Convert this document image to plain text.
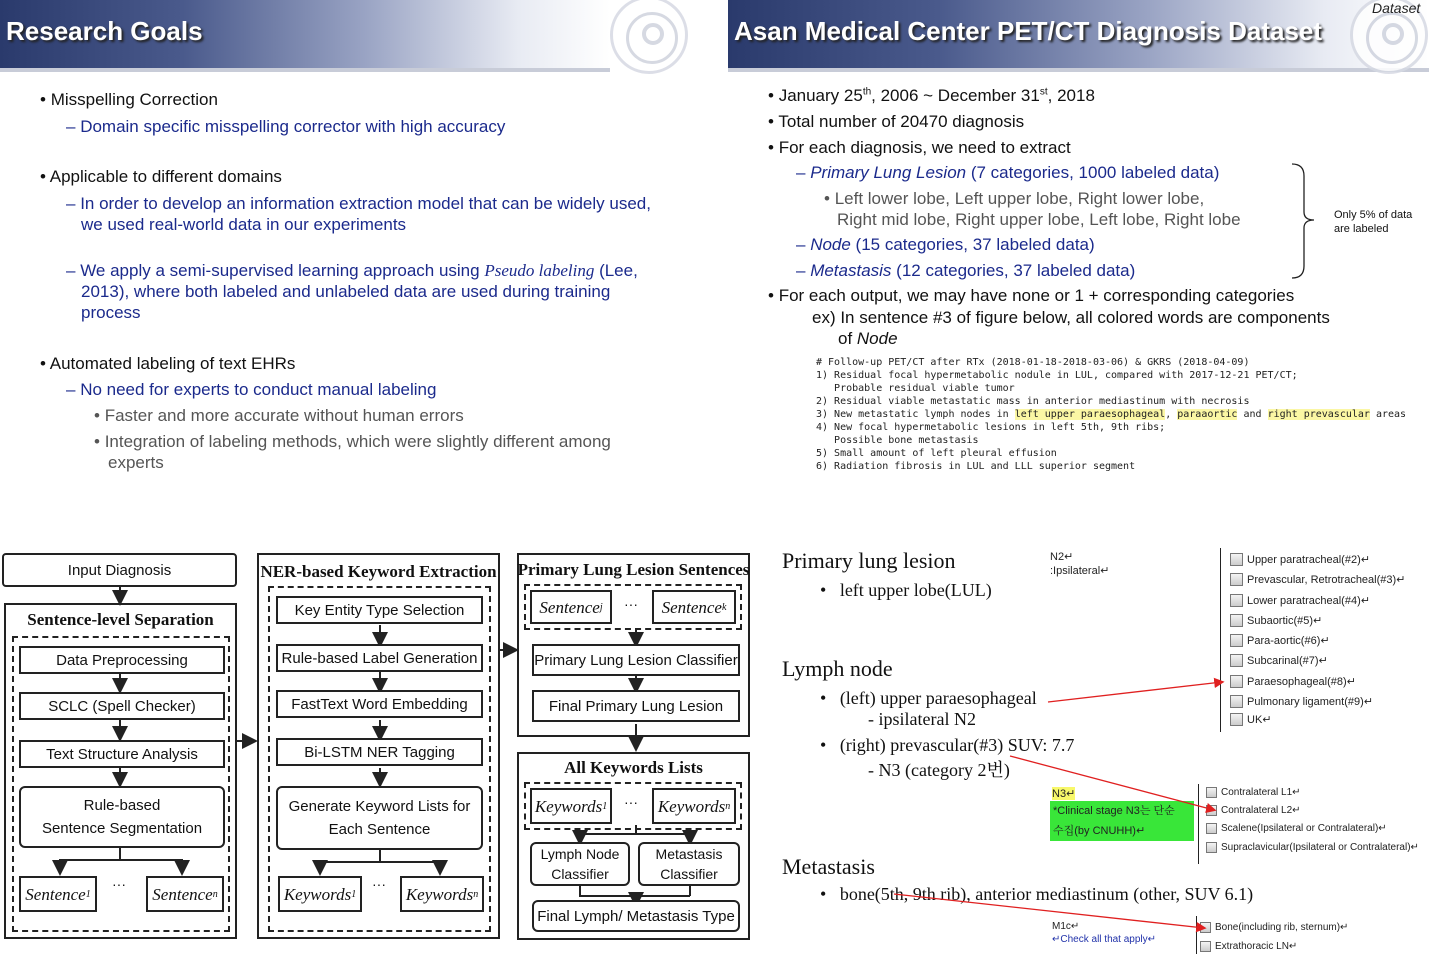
Research Goals
• Misspelling Correction
– Domain specific misspelling corrector with high accuracy
• Applicable to different domains
– In order to develop an information extraction model that can be widely used, we used real-world data in our experiments
– We apply a semi-supervised learning approach using Pseudo labeling (Lee, 2013), where both labeled and unlabeled data are used during training process
• Automated labeling of text EHRs
– No need for experts to conduct manual labeling
• Faster and more accurate without human errors
• Integration of labeling methods, which were slightly different among experts
Asan Medical Center PET/CT Diagnosis Dataset
Dataset
• January 25th, 2006 ~ December 31st, 2018
• Total number of 20470 diagnosis
• For each diagnosis, we need to extract
– Primary Lung Lesion (7 categories, 1000 labeled data)
• Left lower lobe, Left upper lobe, Right lower lobe,
Right mid lobe, Right upper lobe, Left lobe, Right lobe
– Node (15 categories, 37 labeled data)
– Metastasis (12 categories, 37 labeled data)
Only 5% of data
are labeled
• For each output, we may have none or 1 + corresponding categories
ex) In sentence #3 of figure below, all colored words are components
of Node
# Follow-up PET/CT after RTx (2018-01-18-2018-03-06) & GKRS (2018-04-09)
1) Residual focal hypermetabolic nodule in LUL, compared with 2017-12-21 PET/CT;
Probable residual viable tumor
2) Residual viable metastatic mass in anterior mediastinum with necrosis
3) New metastatic lymph nodes in left upper paraesophageal, paraaortic and right prevascular areas
4) New focal hypermetabolic lesions in left 5th, 9th ribs;
Possible bone metastasis
5) Small amount of left pleural effusion
6) Radiation fibrosis in LUL and LLL superior segment
Input Diagnosis
Sentence-level Separation
Data Preprocessing
SCLC (Spell Checker)
Text Structure Analysis
Rule-based
Sentence Segmentation
Sentence 1
···
Sentence n
NER-based Keyword Extraction
Key Entity Type Selection
Rule-based Label Generation
FastText Word Embedding
Bi-LSTM NER Tagging
Generate Keyword Lists for
Each Sentence
Keywords 1
···
Keywords n
Primary Lung Lesion Sentences
Sentence j ··· Sentence k
Primary Lung Lesion Classifier
Final Primary Lung Lesion
All Keywords Lists
Keywords 1 ··· Keywords n
Lymph Node
Classifier
Metastasis
Classifier
Final Lymph/ Metastasis Type
Primary lung lesion
•   left upper lobe(LUL)
Lymph node
•   (left) upper paraesophageal
- ipsilateral N2
•   (right) prevascular(#3) SUV: 7.7
- N3 (category 2번)
Metastasis
•   bone(5th, 9th rib), anterior mediastinum (other, SUV 6.1)
N2↵
:Ipsilateral↵
Upper paratracheal(#2)↵
Prevascular, Retrotracheal(#3)↵
Lower paratracheal(#4)↵
Subaortic(#5)↵
Para-aortic(#6)↵
Subcarinal(#7)↵
Paraesophageal(#8)↵
Pulmonary ligament(#9)↵
UK↵
N3↵
*Clinical stage N3는 단순
수집(by CNUHH)↵
Contralateral L1↵
Contralateral L2↵
Scalene(Ipsilateral or Contralateral)↵
Supraclavicular(Ipsilateral or Contralateral)↵
M1c↵
↵Check all that apply↵
Bone(including rib, sternum)↵
Extrathoracic LN↵
